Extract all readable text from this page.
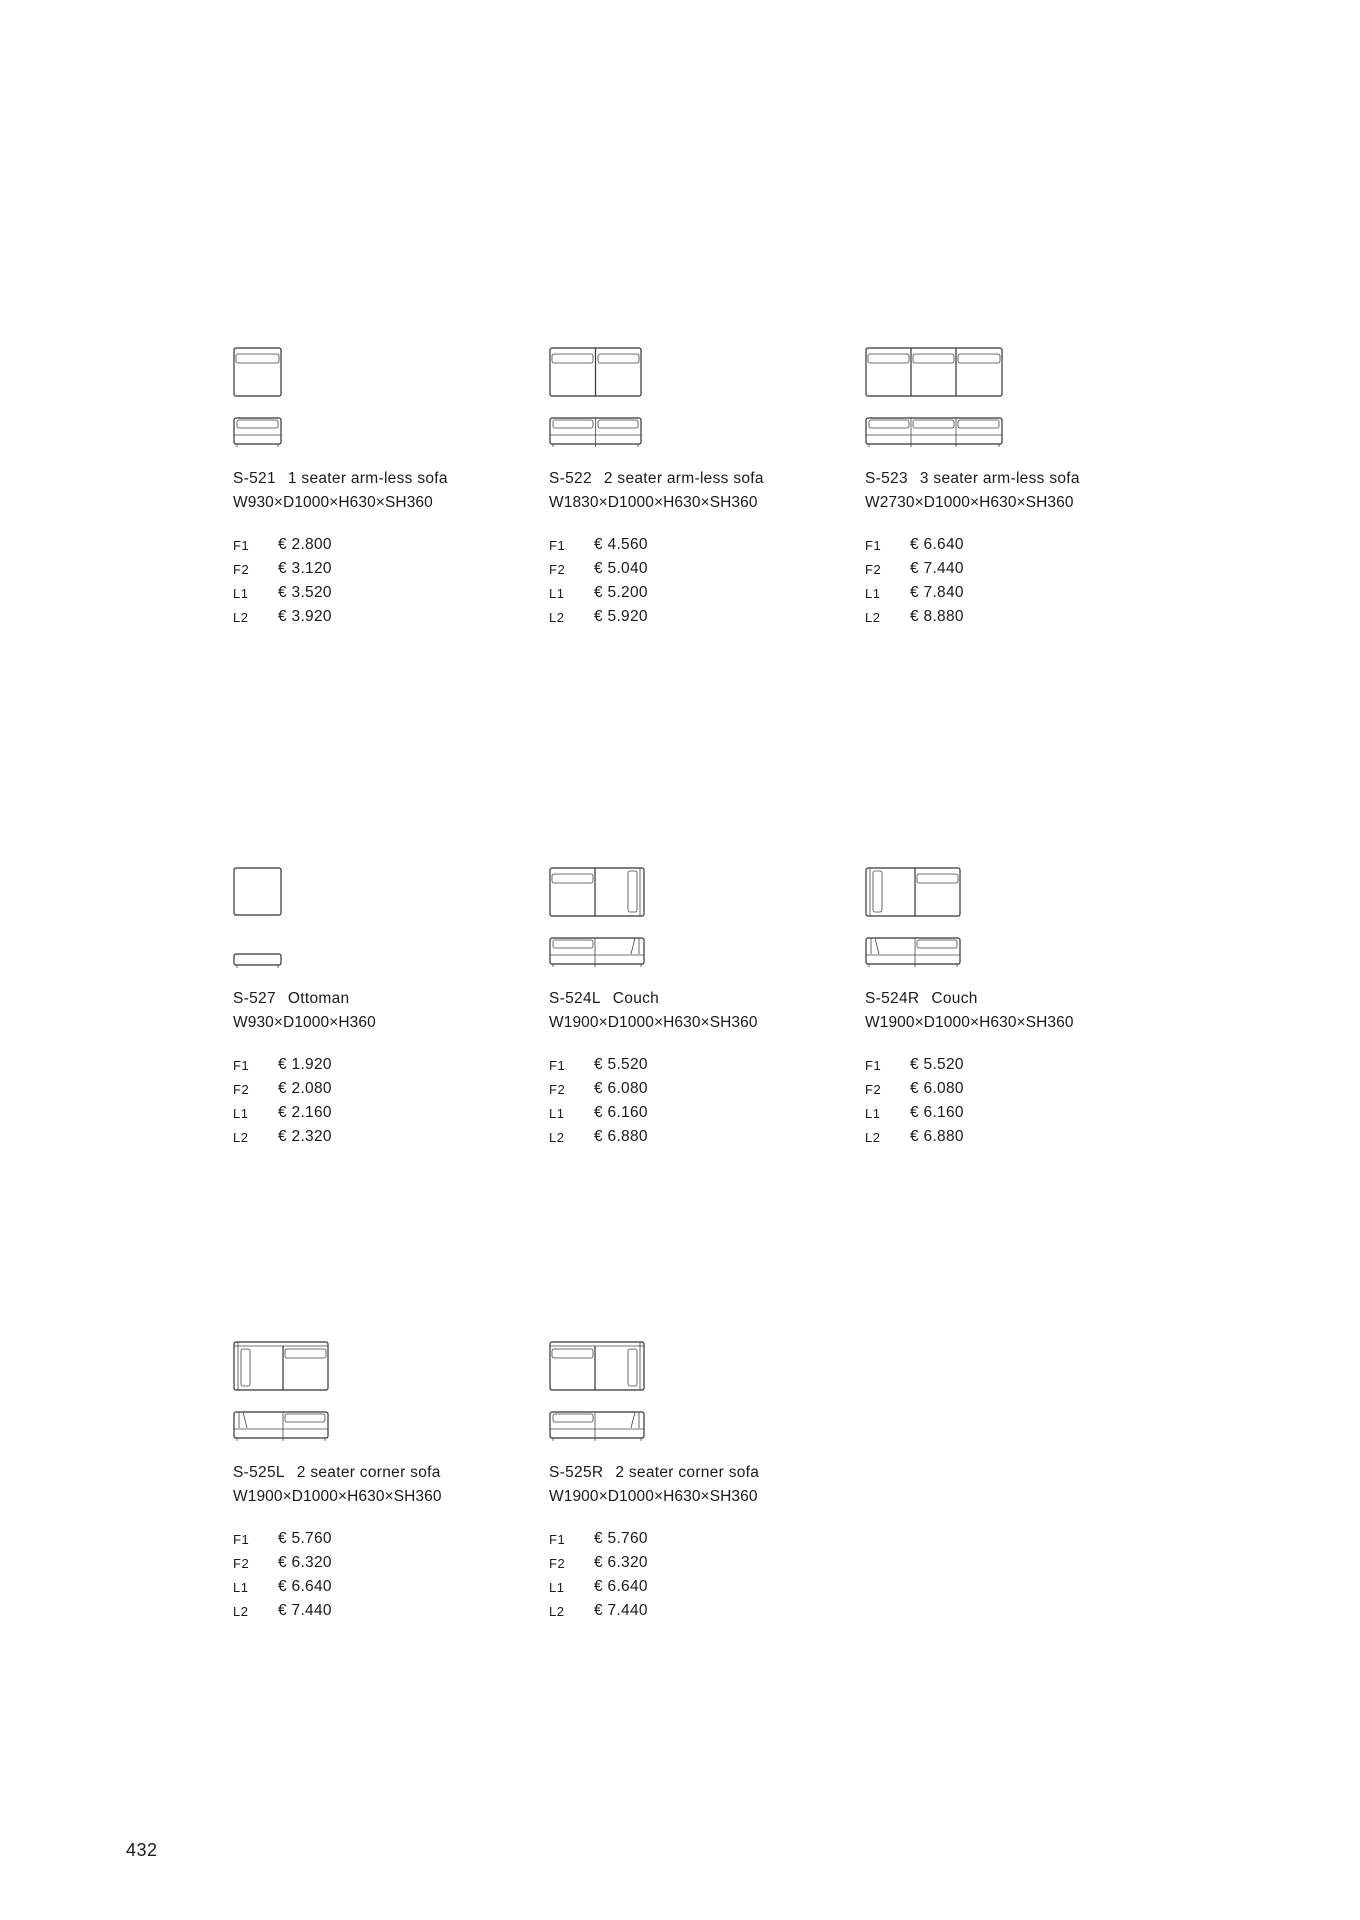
S-521 1 seater arm-less sofa
W930×D1000×H630×SH360
F1	€ 2.800
F2	€ 3.120
L1	€ 3.520
L2	€ 3.920
S-522 2 seater arm-less sofa
W1830×D1000×H630×SH360
F1	€ 4.560
F2	€ 5.040
L1	€ 5.200
L2	€ 5.920
S-523 3 seater arm-less sofa
W2730×D1000×H630×SH360
F1	€ 6.640
F2	€ 7.440
L1	€ 7.840
L2	€ 8.880
S-527 Ottoman
W930×D1000×H360
F1	€ 1.920
F2	€ 2.080
L1	€ 2.160
L2	€ 2.320
S-524L Couch
W1900×D1000×H630×SH360
F1	€ 5.520
F2	€ 6.080
L1	€ 6.160
L2	€ 6.880
S-524R Couch
W1900×D1000×H630×SH360
F1	€ 5.520
F2	€ 6.080
L1	€ 6.160
L2	€ 6.880
S-525L 2 seater corner sofa
W1900×D1000×H630×SH360
F1	€ 5.760
F2	€ 6.320
L1	€ 6.640
L2	€ 7.440
S-525R 2 seater corner sofa
W1900×D1000×H630×SH360
F1	€ 5.760
F2	€ 6.320
L1	€ 6.640
L2	€ 7.440
432
